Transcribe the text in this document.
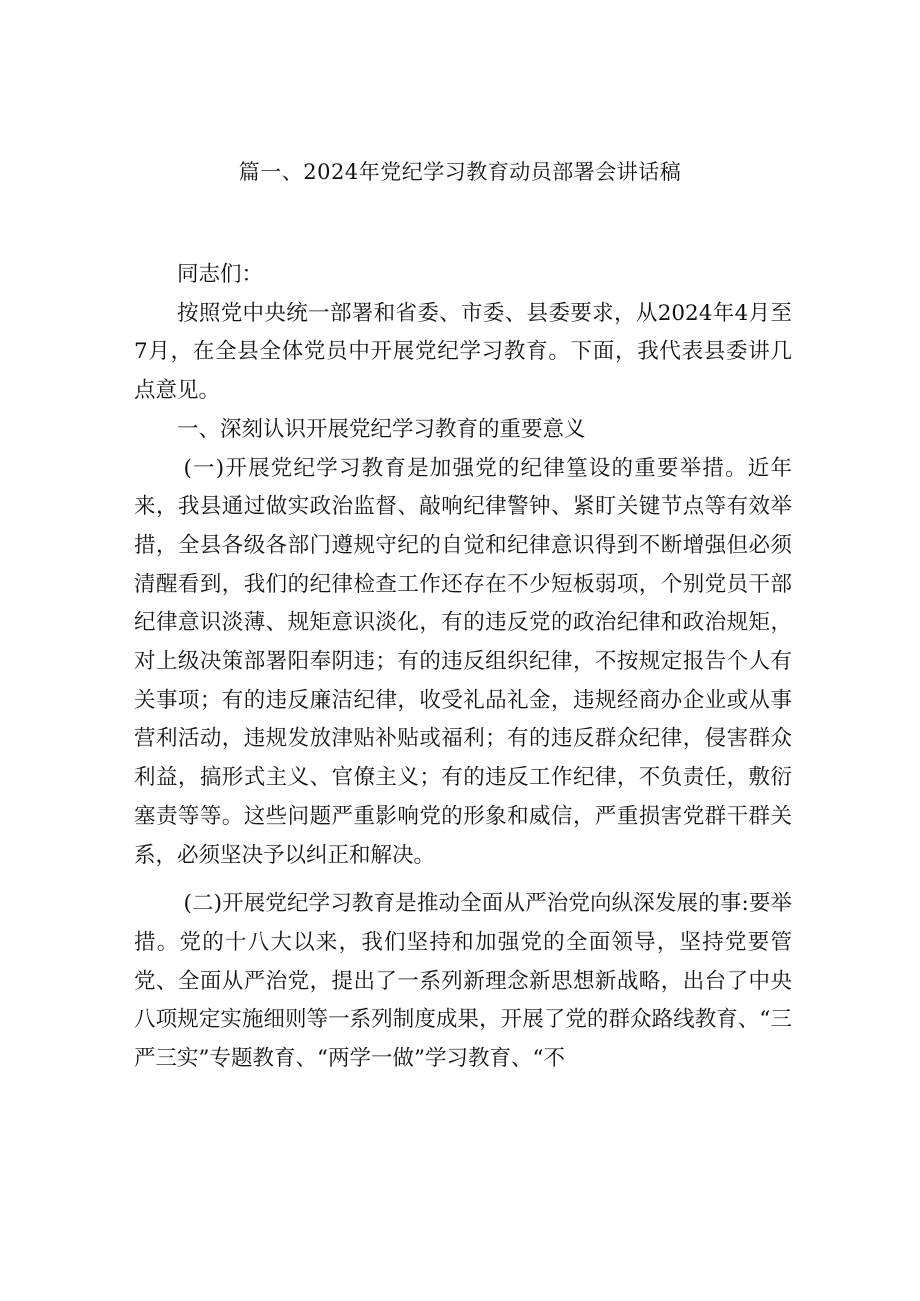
篇一、2024年党纪学习教育动员部署会讲话稿

同志们：

按照党中央统一部署和省委、市委、县委要求，从2024年4月至7月，在全县全体党员中开展党纪学习教育。下面，我代表县委讲几点意见。

一、深刻认识开展党纪学习教育的重要意义

(一)开展党纪学习教育是加强党的纪律篁设的重要举措。近年来，我县通过做实政治监督、敲响纪律警钟、紧盯关键节点等有效举措，全县各级各部门遵规守纪的自觉和纪律意识得到不断增强但必须清醒看到，我们的纪律检查工作还存在不少短板弱项，个别党员干部纪律意识淡薄、规矩意识淡化，有的违反党的政治纪律和政治规矩，对上级决策部署阳奉阴违；有的违反组织纪律，不按规定报告个人有关事项；有的违反廉洁纪律，收受礼品礼金，违规经商办企业或从事营利活动，违规发放津贴补贴或福利；有的违反群众纪律，侵害群众利益，搞形式主义、官僚主义；有的违反工作纪律，不负责任，敷衍塞责等等。这些问题严重影响党的形象和威信，严重损害党群干群关系，必须坚决予以纠正和解决。

(二)开展党纪学习教育是推动全面从严治党向纵深发展的事:要举措。党的十八大以来，我们坚持和加强党的全面领导，坚持党要管党、全面从严治党，提出了一系列新理念新思想新战略，出台了中央八项规定实施细则等一系列制度成果，开展了党的群众路线教育、“三严三实”专题教育、“两学一做”学习教育、“不
